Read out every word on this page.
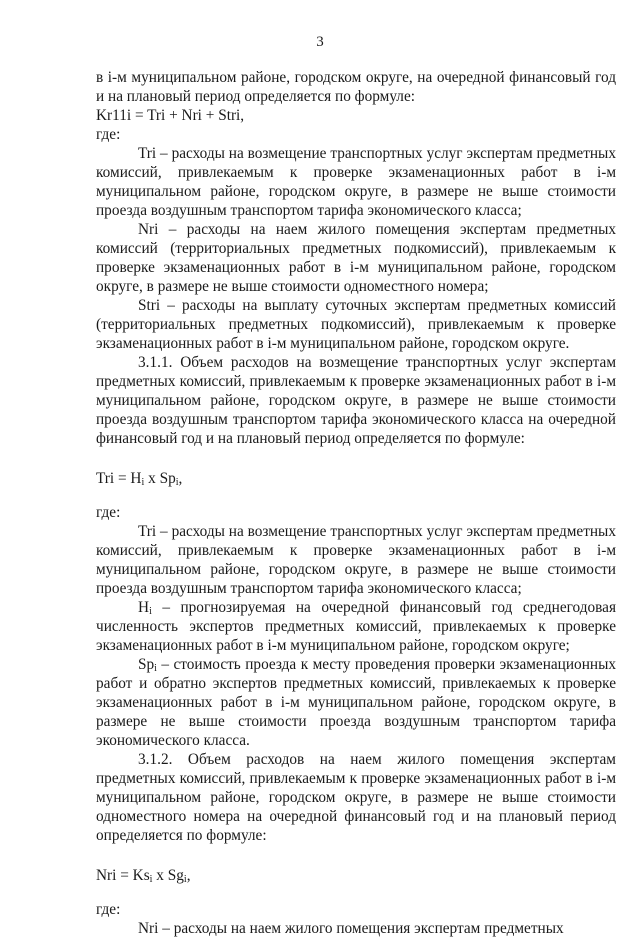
3

в i-м муниципальном районе, городском округе, на очередной финансовый год и на плановый период определяется по формуле:

Kr11i = Tri + Nri + Stri,

где:

Tri – расходы на возмещение транспортных услуг экспертам предметных комиссий, привлекаемым к проверке экзаменационных работ в i-м муниципальном районе, городском округе, в размере не выше стоимости проезда воздушным транспортом тарифа экономического класса;

Nri – расходы на наем жилого помещения экспертам предметных комиссий (территориальных предметных подкомиссий), привлекаемым к проверке экзаменационных работ в i-м муниципальном районе, городском округе, в размере не выше стоимости одноместного номера;

Stri – расходы на выплату суточных экспертам предметных комиссий (территориальных предметных подкомиссий), привлекаемым к проверке экзаменационных работ в i-м муниципальном районе, городском округе.

3.1.1. Объем расходов на возмещение транспортных услуг экспертам предметных комиссий, привлекаемым к проверке экзаменационных работ в i-м муниципальном районе, городском округе, в размере не выше стоимости проезда воздушным транспортом тарифа экономического класса на очередной финансовый год и на плановый период определяется по формуле:

Tri = $H_i$ x $Sp_i$,

где:

Tri – расходы на возмещение транспортных услуг экспертам предметных комиссий, привлекаемым к проверке экзаменационных работ в i-м муниципальном районе, городском округе, в размере не выше стоимости проезда воздушным транспортом тарифа экономического класса;

$H_i$ – прогнозируемая на очередной финансовый год среднегодовая численность экспертов предметных комиссий, привлекаемых к проверке экзаменационных работ в i-м муниципальном районе, городском округе;

$Sp_i$ – стоимость проезда к месту проведения проверки экзаменационных работ и обратно экспертов предметных комиссий, привлекаемых к проверке экзаменационных работ в i-м муниципальном районе, городском округе, в размере не выше стоимости проезда воздушным транспортом тарифа экономического класса.

3.1.2. Объем расходов на наем жилого помещения экспертам предметных комиссий, привлекаемым к проверке экзаменационных работ в i-м муниципальном районе, городском округе, в размере не выше стоимости одноместного номера на очередной финансовый год и на плановый период определяется по формуле:

Nri = $Ks_i$ x $Sg_i$,

где:

Nri – расходы на наем жилого помещения экспертам предметных
